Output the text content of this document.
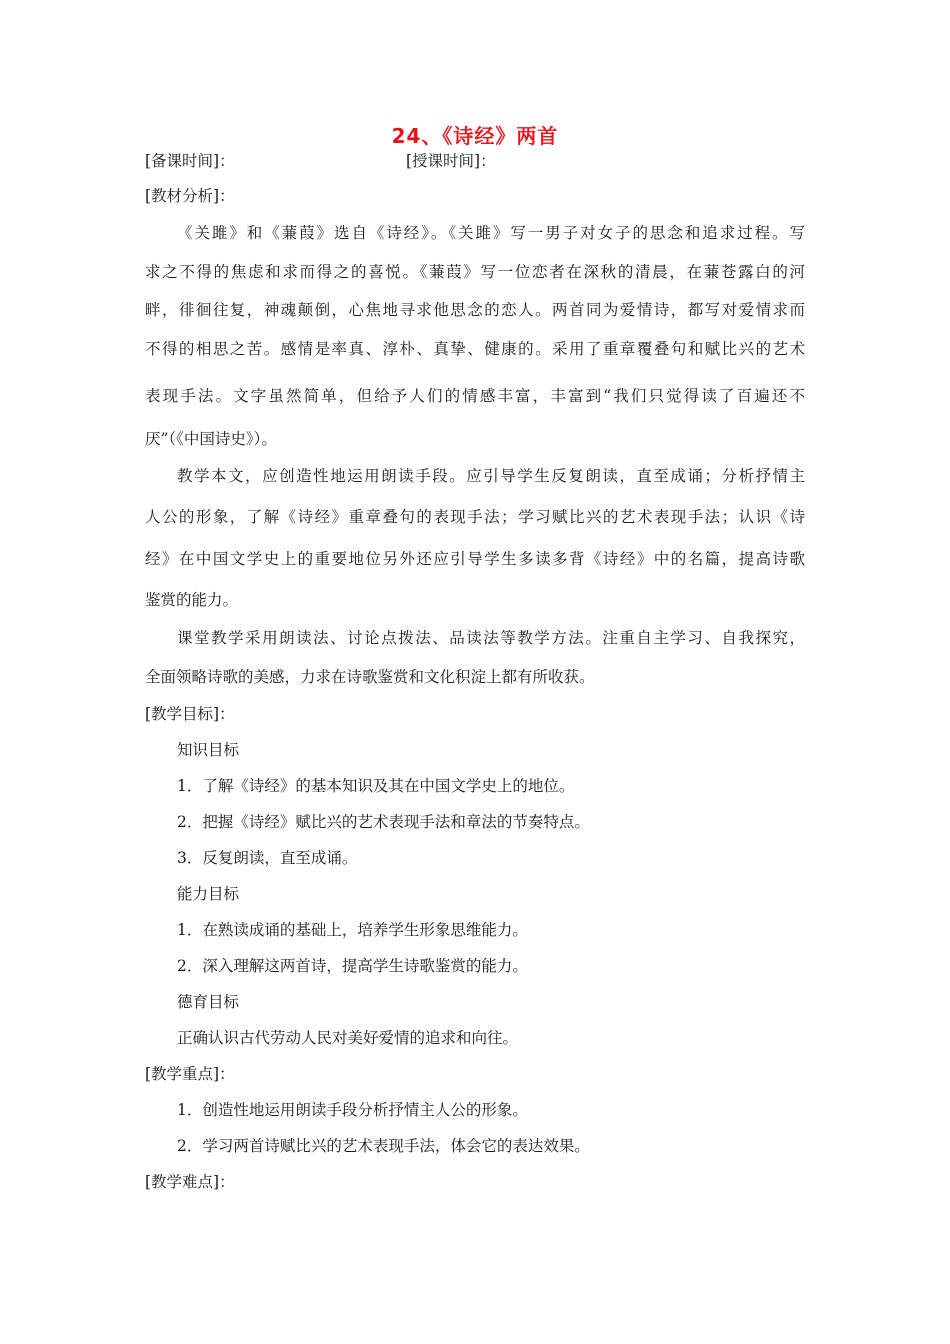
24、《诗经》两首
[备课时间]：	[授课时间]：
[教材分析]：
《关雎》和《蒹葭》选自《诗经》。《关雎》写一男子对女子的思念和追求过程。写
求之不得的焦虑和求而得之的喜悦。《蒹葭》写一位恋者在深秋的清晨，在蒹苍露白的河
畔，徘徊往复，神魂颠倒，心焦地寻求他思念的恋人。两首同为爱情诗，都写对爱情求而
不得的相思之苦。感情是率真、淳朴、真挚、健康的。采用了重章覆叠句和赋比兴的艺术
表现手法。文字虽然简单，但给予人们的情感丰富，丰富到“我们只觉得读了百遍还不
厌”（《中国诗史》）。
教学本文，应创造性地运用朗读手段。应引导学生反复朗读，直至成诵；分析抒情主
人公的形象，了解《诗经》重章叠句的表现手法；学习赋比兴的艺术表现手法；认识《诗
经》在中国文学史上的重要地位另外还应引导学生多读多背《诗经》中的名篇，提高诗歌
鉴赏的能力。
课堂教学采用朗读法、讨论点拨法、品读法等教学方法。注重自主学习、自我探究，
全面领略诗歌的美感，力求在诗歌鉴赏和文化积淀上都有所收获。
[教学目标]：
知识目标
1．了解《诗经》的基本知识及其在中国文学史上的地位。
2．把握《诗经》赋比兴的艺术表现手法和章法的节奏特点。
3．反复朗读，直至成诵。
能力目标
1．在熟读成诵的基础上，培养学生形象思维能力。
2．深入理解这两首诗，提高学生诗歌鉴赏的能力。
德育目标
正确认识古代劳动人民对美好爱情的追求和向往。
[教学重点]：
1．创造性地运用朗读手段分析抒情主人公的形象。
2．学习两首诗赋比兴的艺术表现手法，体会它的表达效果。
[教学难点]：
